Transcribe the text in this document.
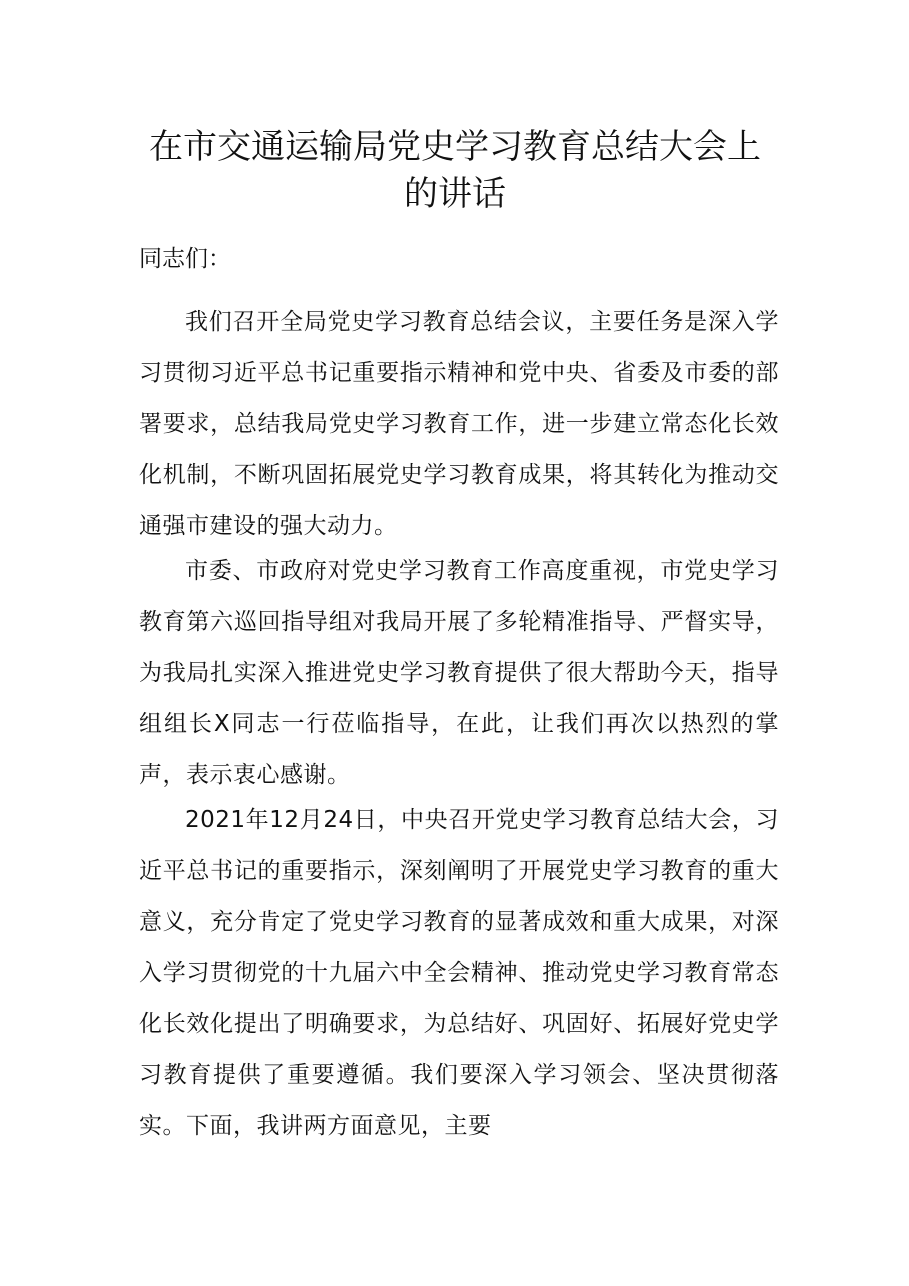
在市交通运输局党史学习教育总结大会上
的讲话
同志们：

我们召开全局党史学习教育总结会议，主要任务是深入学习贯彻习近平总书记重要指示精神和党中央、省委及市委的部署要求，总结我局党史学习教育工作，进一步建立常态化长效化机制，不断巩固拓展党史学习教育成果，将其转化为推动交通强市建设的强大动力。

市委、市政府对党史学习教育工作高度重视，市党史学习教育第六巡回指导组对我局开展了多轮精准指导、严督实导，为我局扎实深入推进党史学习教育提供了很大帮助今天，指导组组长X同志一行莅临指导，在此，让我们再次以热烈的掌声，表示衷心感谢。

2021年12月24日，中央召开党史学习教育总结大会，习近平总书记的重要指示，深刻阐明了开展党史学习教育的重大意义，充分肯定了党史学习教育的显著成效和重大成果，对深入学习贯彻党的十九届六中全会精神、推动党史学习教育常态化长效化提出了明确要求，为总结好、巩固好、拓展好党史学习教育提供了重要遵循。我们要深入学习领会、坚决贯彻落实。下面，我讲两方面意见，主要
